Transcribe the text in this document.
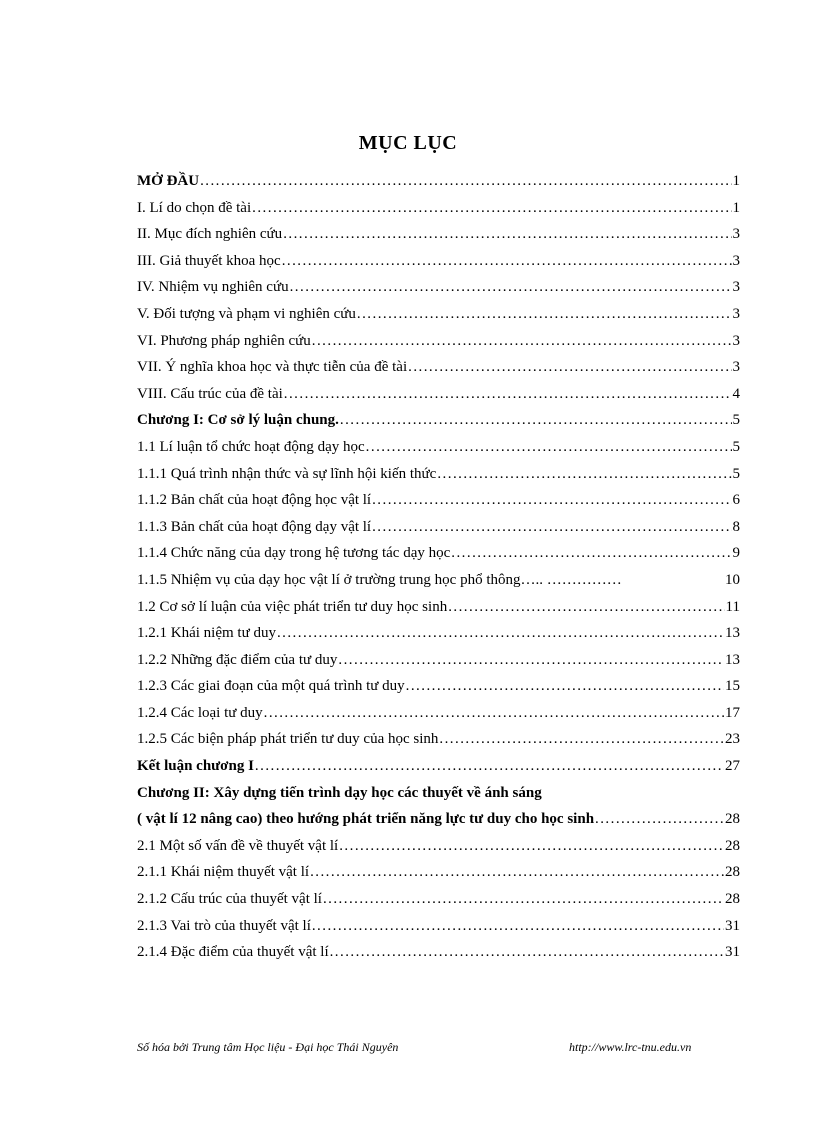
MỤC LỤC
MỞ ĐẦU . . .	1
I. Lí do chọn đề tài . . .	1
II. Mục đích nghiên cứu . . .	3
III. Giả thuyết khoa học . . .	3
IV. Nhiệm vụ nghiên cứu . . .	3
V. Đối tượng và phạm vi nghiên cứu . . .	3
VI. Phương pháp nghiên cứu . . .	3
VII. Ý nghĩa khoa học và thực tiễn của đề tài . . .	3
VIII. Cấu trúc của đề tài . . .	4
Chương I: Cơ sở lý luận chung. . . .	5
1.1 Lí luận tổ chức hoạt động dạy học . . .	5
1.1.1 Quá trình nhận thức và sự lĩnh hội kiến thức . . .	5
1.1.2 Bản chất của hoạt động học vật lí . . .	6
1.1.3 Bản chất của hoạt động dạy vật lí . . .	8
1.1.4 Chức năng của dạy trong hệ tương tác dạy học . . .	9
1.1.5 Nhiệm vụ của dạy học vật lí ở trường trung học phổ thông….. ……………	10
1.2 Cơ sở lí luận của việc phát triển tư duy học sinh . . .	11
1.2.1 Khái niệm tư duy . . .	13
1.2.2 Những đặc điểm của tư duy . . .	13
1.2.3 Các giai đoạn của một quá trình tư duy . . .	15
1.2.4 Các loại tư duy . . .	17
1.2.5 Các biện pháp phát triển tư duy của học sinh . . .	23
Kết luận chương I . . .	27
Chương II: Xây dựng tiến trình dạy học các thuyết về ánh sáng
( vật lí 12 nâng cao) theo hướng phát triển năng lực tư duy cho học sinh . . .	28
2.1 Một số vấn đề về thuyết vật lí . . .	28
2.1.1 Khái niệm thuyết vật lí . . .	28
2.1.2 Cấu trúc của thuyết vật lí . . .	28
2.1.3 Vai trò của thuyết vật lí . . .	31
2.1.4 Đặc điểm của thuyết vật lí . . .	31
Số hóa bởi Trung tâm Học liệu - Đại học Thái Nguyên	http://www.lrc-tnu.edu.vn
